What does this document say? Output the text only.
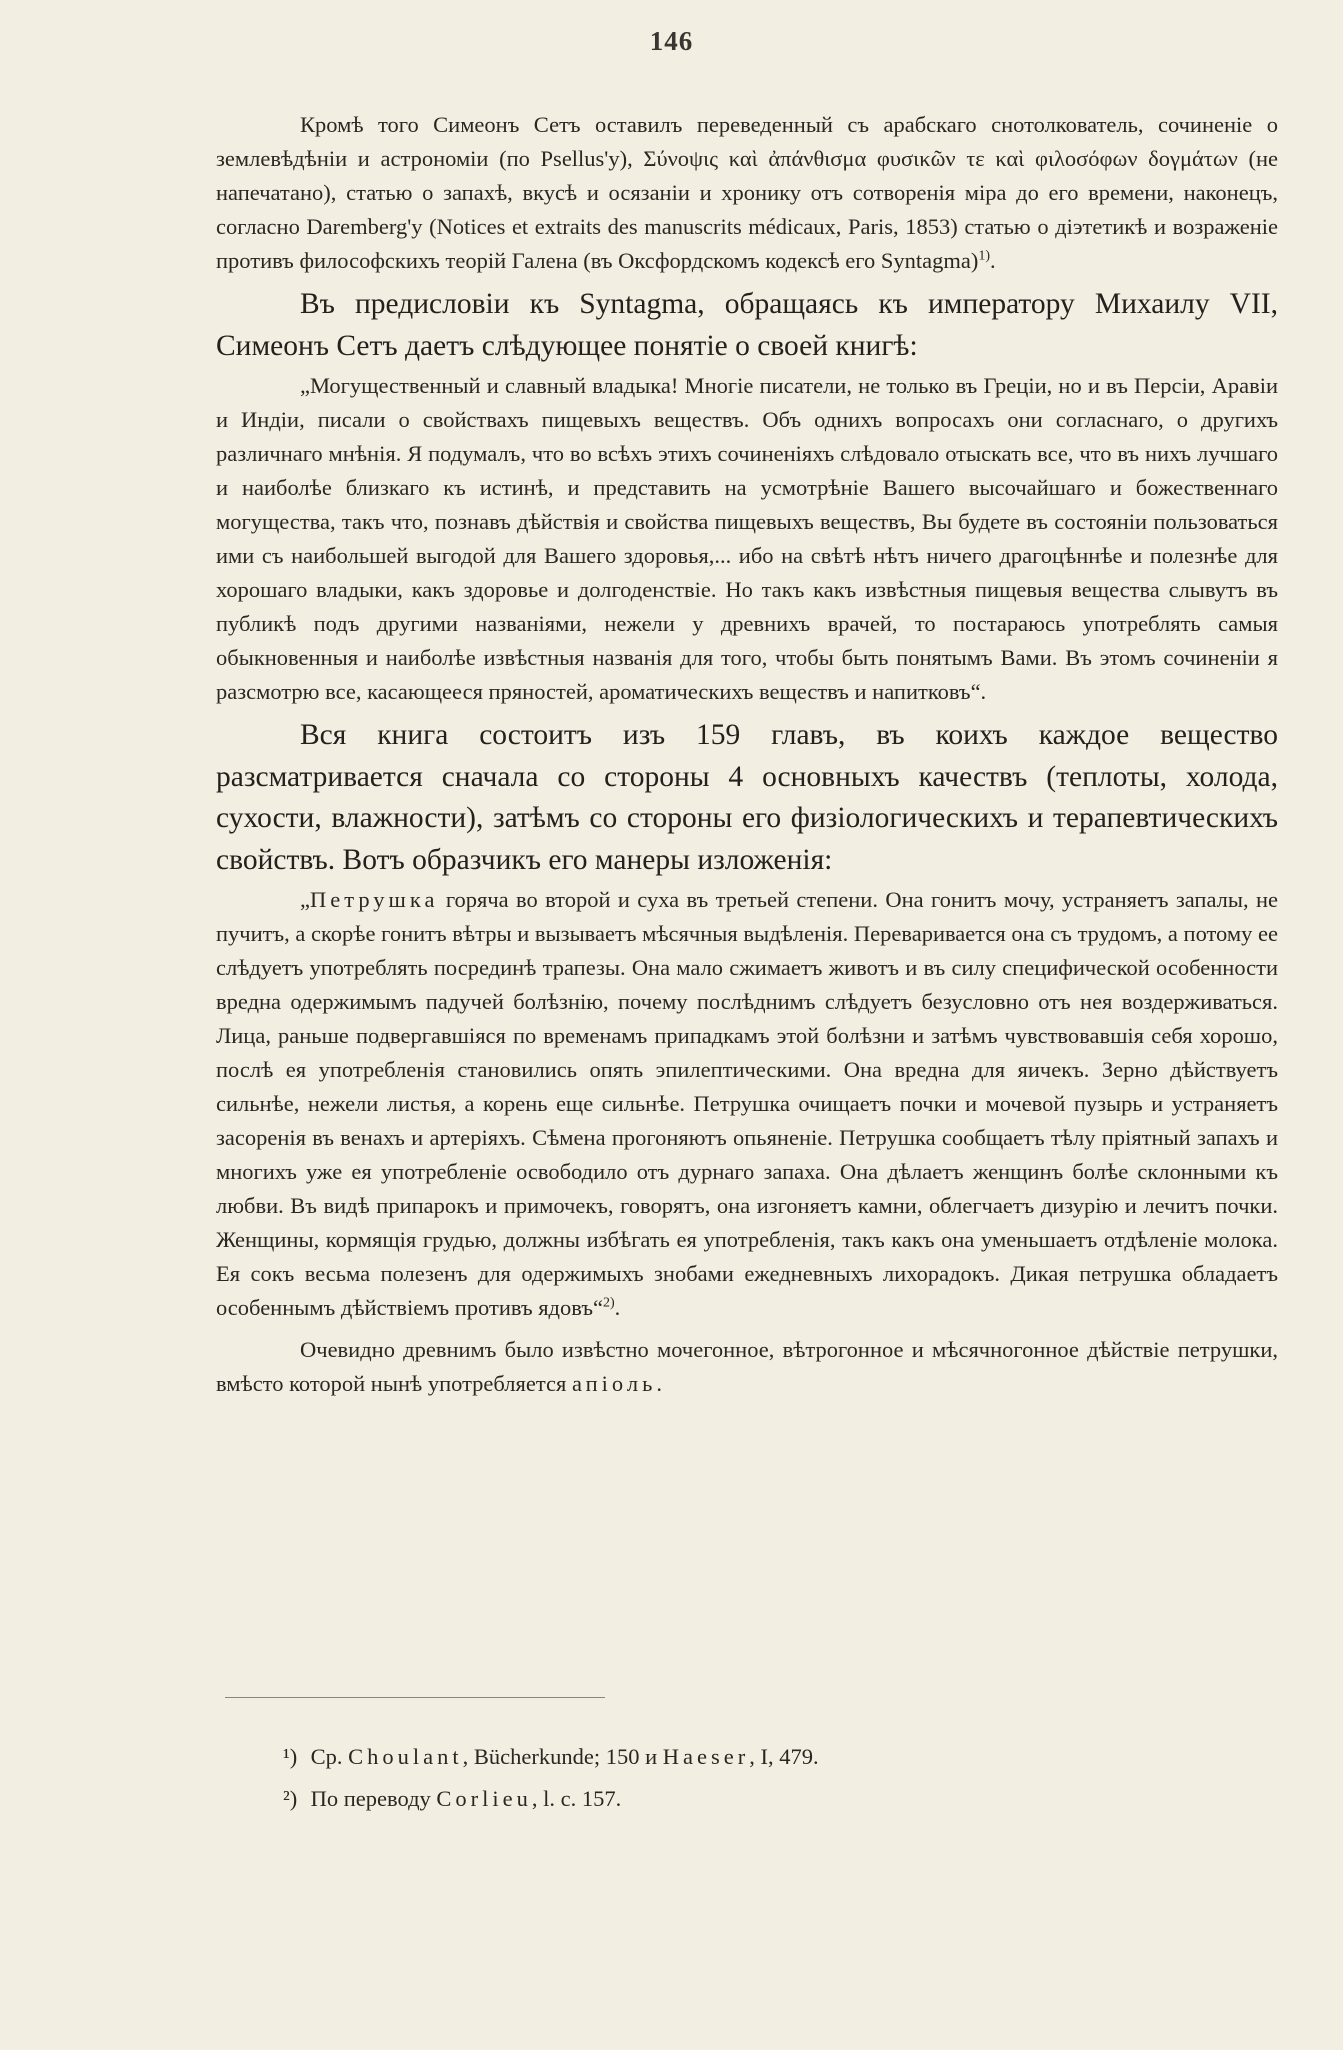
146

Кромѣ того Симеонъ Сетъ оставилъ переведенный съ арабскаго снотолкователь, сочиненіе о землевѣдѣніи и астрономіи (по Psellus'у), Σύνοψις καὶ ἀπάνθισμα φυσικῶν τε καὶ φιλοσόφων δογμάτων (не напечатано), статью о запахѣ, вкусѣ и осязаніи и хронику отъ сотворенія міра до его времени, наконецъ, согласно Daremberg'у (Notices et extraits des manuscrits médicaux, Paris, 1853) статью о діэтетикѣ и возраженіе противъ философскихъ теорій Галена (въ Оксфордскомъ кодексѣ его Syntagma)$^{1)}$.

Въ предисловіи къ Syntagma, обращаясь къ императору Михаилу VII, Симеонъ Сетъ даетъ слѣдующее понятіе о своей книгѣ:

„Могущественный и славный владыка! Многіе писатели, не только въ Греціи, но и въ Персіи, Аравіи и Индіи, писали о свойствахъ пищевыхъ веществъ. Объ однихъ вопросахъ они согласнаго, о другихъ различнаго мнѣнія. Я подумалъ, что во всѣхъ этихъ сочиненіяхъ слѣдовало отыскать все, что въ нихъ лучшаго и наиболѣе близкаго къ истинѣ, и представить на усмотрѣніе Вашего высочайшаго и божественнаго могущества, такъ что, познавъ дѣйствія и свойства пищевыхъ веществъ, Вы будете въ состояніи пользоваться ими съ наибольшей выгодой для Вашего здоровья,... ибо на свѣтѣ нѣтъ ничего драгоцѣннѣе и полезнѣе для хорошаго владыки, какъ здоровье и долгоденствіе. Но такъ какъ извѣстныя пищевыя вещества слывутъ въ публикѣ подъ другими названіями, нежели у древнихъ врачей, то постараюсь употреблять самыя обыкновенныя и наиболѣе извѣстныя названія для того, чтобы быть понятымъ Вами. Въ этомъ сочиненіи я разсмотрю все, касающееся пряностей, ароматическихъ веществъ и напитковъ“.

Вся книга состоитъ изъ 159 главъ, въ коихъ каждое вещество разсматривается сначала со стороны 4 основныхъ качествъ (теплоты, холода, сухости, влажности), затѣмъ со стороны его физіологическихъ и терапевтическихъ свойствъ. Вотъ образчикъ его манеры изложенія:

„Петрушка горяча во второй и суха въ третьей степени. Она гонитъ мочу, устраняетъ запалы, не пучитъ, а скорѣе гонитъ вѣтры и вызываетъ мѣсячныя выдѣленія. Переваривается она съ трудомъ, а потому ее слѣдуетъ употреблять посрединѣ трапезы. Она мало сжимаетъ животъ и въ силу специфической особенности вредна одержимымъ падучей болѣзнію, почему послѣднимъ слѣдуетъ безусловно отъ нея воздерживаться. Лица, раньше подвергавшіяся по временамъ припадкамъ этой болѣзни и затѣмъ чувствовавшія себя хорошо, послѣ ея употребленія становились опять эпилептическими. Она вредна для яичекъ. Зерно дѣйствуетъ сильнѣе, нежели листья, а корень еще сильнѣе. Петрушка очищаетъ почки и мочевой пузырь и устраняетъ засоренія въ венахъ и артеріяхъ. Сѣмена прогоняютъ опьяненіе. Петрушка сообщаетъ тѣлу пріятный запахъ и многихъ уже ея употребленіе освободило отъ дурнаго запаха. Она дѣлаетъ женщинъ болѣе склонными къ любви. Въ видѣ припарокъ и примочекъ, говорятъ, она изгоняетъ камни, облегчаетъ дизурію и лечитъ почки. Женщины, кормящія грудью, должны избѣгать ея употребленія, такъ какъ она уменьшаетъ отдѣленіе молока. Ея сокъ весьма полезенъ для одержимыхъ знобами ежедневныхъ лихорадокъ. Дикая петрушка обладаетъ особеннымъ дѣйствіемъ противъ ядовъ“$^{2)}$.

Очевидно древнимъ было извѣстно мочегонное, вѣтрогонное и мѣсячногонное дѣйствіе петрушки, вмѣсто которой нынѣ употребляется апіоль.

¹) Cp. Choulant, Bücherkunde; 150 и Haeser, I, 479.

²) По переводу Corlieu, l. c. 157.
